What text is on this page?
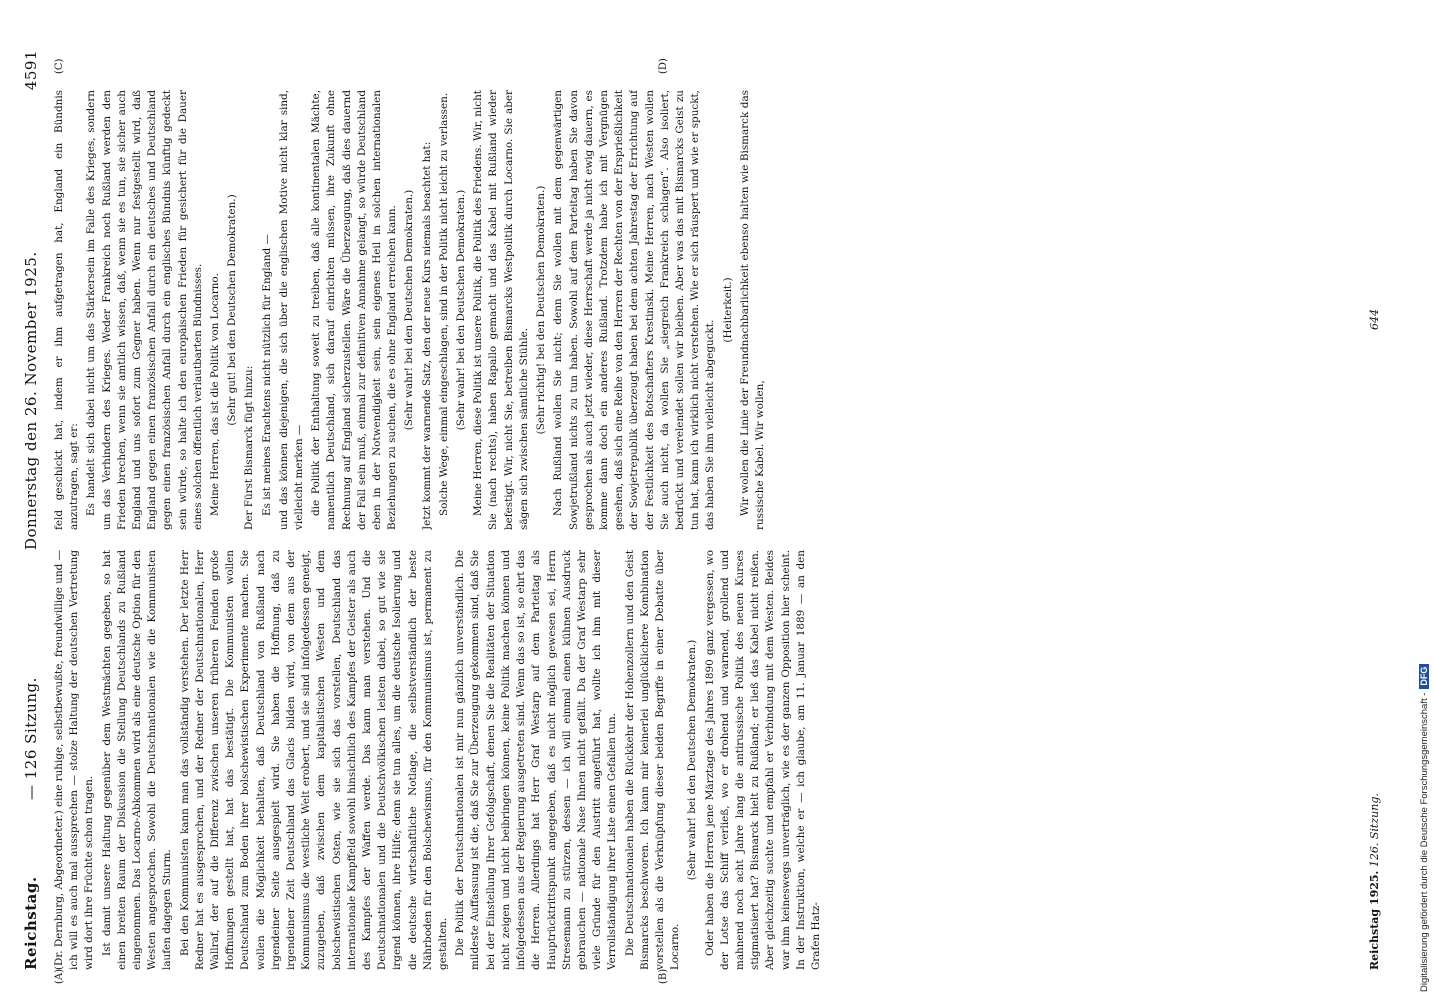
Reichstag.
— 126 Sitzung.
Donnerstag den 26. November 1925.
4591
(A)	(B)
(C)	(D)

(Dr. Dernburg, Abgeordneter.) eine ruhige, selbstbewußte, freundwillige und — ich will es auch mal aussprechen — stolze Haltung der deutschen Vertretung wird dort ihre Früchte schon tragen. Ist damit unsere Haltung gegenüber dem Westmächten gegeben, so hat einen breiten Raum der Diskussion die Stellung Deutschlands zu Rußland eingenommen. Das Locarno-Abkommen wird als eine deutsche Option für den Westen angesprochen. Sowohl die Deutschnationalen wie die Kommunisten laufen dagegen Sturm. Bei den Kommunisten kann man das vollständig verstehen. Der letzte Herr Redner hat es ausgesprochen, und der Redner der Deutschnationalen, Herr Wallraf, der auf die Differenz zwischen unseren früheren Feinden große Hoffnungen gestellt hat, hat das bestätigt. Die Kommunisten wollen Deutschland zum Boden ihrer bolschewistischen Experimente machen. Sie wollen die Möglichkeit behalten, daß Deutschland von Rußland nach irgendeiner Seite ausgespielt wird. Sie haben die Hoffnung, daß zu irgendeiner Zeit Deutschland das Glacis bilden wird, von dem aus der Kommunismus die westliche Welt erobert, und sie sind infolgedessen geneigt, zuzugeben, daß zwischen dem kapitalistischen Westen und dem bolschewistischen Osten, wie sie sich das vorstellen, Deutschland das internationale Kampffeld sowohl hinsichtlich des Kampfes der Geister als auch des Kampfes der Waffen werde. Das kann man verstehen. Und die Deutschnationalen und die Deutschvölkischen leisten dabei, so gut wie sie irgend können, ihre Hilfe; denn sie tun alles, um die deutsche Isolierung und die deutsche wirtschaftliche Notlage, die selbstverständlich der beste Nährboden für den Bolschewismus, für den Kommunismus ist, permanent zu gestalten. Die Politik der Deutschnationalen ist mir nun gänzlich unverständlich. Die mildeste Auffassung ist die, daß Sie zur Überzeugung gekommen sind, daß Sie bei der Einstellung Ihrer Gefolgschaft, denen Sie die Realitäten der Situation nicht zeigen und nicht beibringen können, keine Politik machen können und infolgedessen aus der Regierung ausgetreten sind. Wenn das so ist, so ehrt das die Herren. Allerdings hat Herr Graf Westarp auf dem Parteitag als Hauptrücktrittspunkt angegeben, daß es nicht möglich gewesen sei, Herrn Stresemann zu stürzen, dessen — ich will einmal einen kühnen Ausdruck gebrauchen — nationale Nase Ihnen nicht gefällt. Da der Graf Westarp sehr viele Gründe für den Austritt angeführt hat, wollte ich ihm mit dieser Verrollständigung ihrer Liste einen Gefallen tun. Die Deutschnationalen haben die Rückkehr der Hohenzollern und den Geist Bismarcks beschworen. Ich kann mir keinerlei unglücklichere Kombination vorstellen als die Verknüpfung dieser beiden Begriffe in einer Debatte über Locarno.

(Sehr wahr! bei den Deutschen Demokraten.) Oder haben die Herren jene Märztage des Jahres 1890 ganz vergessen, wo der Lotse das Schiff verließ, wo er drohend und warnend, grollend und mahnend noch acht Jahre lang die antirussische Politik des neuen Kurses stigmatisiert hat? Bismarck hielt zu Rußland; er ließ das Kabel nicht reißen. Aber gleichzeitig suchte und empfahl er Verbindung mit dem Westen. Beides war ihm keineswegs unverträglich, wie es der ganzen Opposition hier scheint. In der Instruktion, welche er — ich glaube, am 11. Januar 1889 — an den Grafen Hatz-

feld geschickt hat, indem er ihm aufgetragen hat, England ein Bündnis anzutragen, sagt er: Es handelt sich dabei nicht um das Stärkersein im Falle des Krieges, sondern um das Verhindern des Krieges. Weder Frankreich noch Rußland werden den Frieden brechen, wenn sie amtlich wissen, daß, wenn sie es tun, sie sicher auch England und uns sofort zum Gegner haben. Wenn nur festgestellt wird, daß England gegen einen französischen Anfall durch ein deutsches und Deutschland gegen einen französischen Anfall durch ein englisches Bündnis künftig gedeckt sein würde, so halte ich den europäischen Frieden für gesichert für die Dauer eines solchen öffentlich verlautbarten Bündnisses. Meine Herren, das ist die Politik von Locarno. (Sehr gut! bei den Deutschen Demokraten.)

Der Fürst Bismarck fügt hinzu: Es ist meines Erachtens nicht nützlich für England — und das können diejenigen, die sich über die englischen Motive nicht klar sind, vielleicht merken — die Politik der Enthaltung soweit zu treiben, daß alle kontinentalen Mächte, namentlich Deutschland, sich darauf einrichten müssen, ihre Zukunft ohne Rechnung auf England sicherzustellen. Wäre die Überzeugung, daß dies dauernd der Fall sein muß, einmal zur definitiven Annahme gelangt, so würde Deutschland eben in der Notwendigkeit sein, sein eigenes Heil in solchen internationalen Beziehungen zu suchen, die es ohne England erreichen kann. (Sehr wahr! bei den Deutschen Demokraten.) Jetzt kommt der warnende Satz, den der neue Kurs niemals beachtet hat: Solche Wege, einmal eingeschlagen, sind in der Politik nicht leicht zu verlassen. (Sehr wahr! bei den Deutschen Demokraten.) Meine Herren, diese Politik ist unsere Politik, die Politik des Friedens. Wir, nicht Sie (nach rechts), haben Rapallo gemacht und das Kabel mit Rußland wieder befestigt. Wir, nicht Sie, betreiben Bismarcks Westpolitik durch Locarno. Sie aber sägen sich zwischen sämtliche Stühle. (Sehr richtig! bei den Deutschen Demokraten.) Nach Rußland wollen Sie nicht; denn Sie wollen mit dem gegenwärtigen Sowjetrußland nichts zu tun haben. Sowohl auf dem Parteitag haben Sie davon gesprochen als auch jetzt wieder, diese Herrschaft werde ja nicht ewig dauern, es komme dann doch ein anderes Rußland. Trotzdem habe ich mit Vergnügen gesehen, daß sich eine Reihe von den Herren der Rechten von der Ersprießlichkeit der Sowjetrepublik überzeugt haben bei dem achten Jahrestag der Errichtung auf der Festlichkeit des Botschafters Krestinski. Meine Herren, nach Westen wollen Sie auch nicht, da wollen Sie „siegreich Frankreich schlagen“. Also isoliert, bedrückt und verelendet sollen wir bleiben. Aber was das mit Bismarcks Geist zu tun hat, kann ich wirklich nicht verstehen. Wie er sich räuspert und wie er spuckt, das haben Sie ihm vielleicht abgeguckt.

(Heiterkeit.) Wir wollen die Linie der Freundnachbarlichkeit ebenso halten wie Bismarck das russische Kabel. Wir wollen,

Reichstag 1925. 126. Sitzung.
644
Digitalisierung gefördert durch die Deutsche Forschungsgemeinschaft -DFG
